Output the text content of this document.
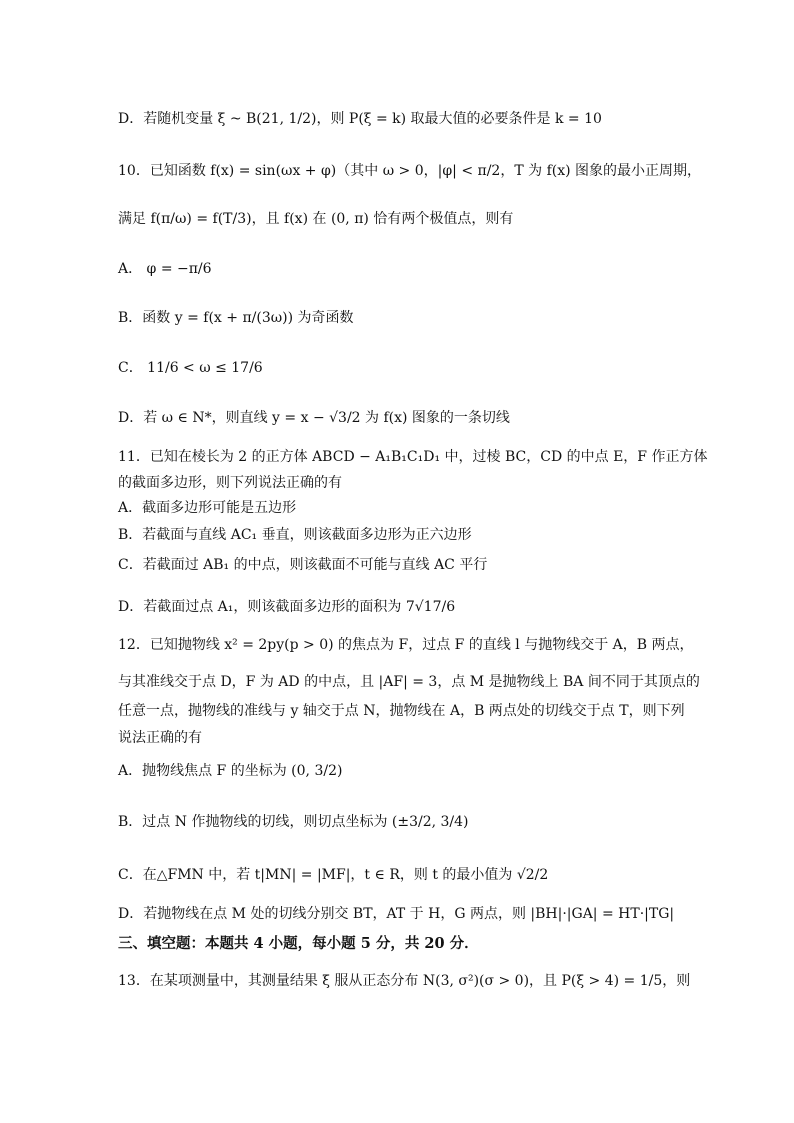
D．若随机变量 ξ ~ B(21, 1/2)，则 P(ξ = k) 取最大值的必要条件是 k = 10
10．已知函数 f(x) = sin(ωx + φ)（其中 ω > 0，|φ| < π/2，T 为 f(x) 图象的最小正周期，
满足 f(π/ω) = f(T/3)，且 f(x) 在 (0, π) 恰有两个极值点，则有
A． φ = −π/6
B．函数 y = f(x + π/(3ω)) 为奇函数
C． 11/6 < ω ≤ 17/6
D．若 ω ∈ N*，则直线 y = x − √3/2 为 f(x) 图象的一条切线
11．已知在棱长为 2 的正方体 ABCD − A₁B₁C₁D₁ 中，过棱 BC，CD 的中点 E，F 作正方体
的截面多边形，则下列说法正确的有
A．截面多边形可能是五边形
B．若截面与直线 AC₁ 垂直，则该截面多边形为正六边形
C．若截面过 AB₁ 的中点，则该截面不可能与直线 AC 平行
D．若截面过点 A₁，则该截面多边形的面积为 7√17/6
12．已知抛物线 x² = 2py(p > 0) 的焦点为 F，过点 F 的直线 l 与抛物线交于 A，B 两点，
与其准线交于点 D，F 为 AD 的中点，且 |AF| = 3，点 M 是抛物线上 BA 间不同于其顶点的
任意一点，抛物线的准线与 y 轴交于点 N，抛物线在 A，B 两点处的切线交于点 T，则下列
说法正确的有
A．抛物线焦点 F 的坐标为 (0, 3/2)
B．过点 N 作抛物线的切线，则切点坐标为 (±3/2, 3/4)
C．在△FMN 中，若 t|MN| = |MF|，t ∈ R，则 t 的最小值为 √2/2
D．若抛物线在点 M 处的切线分别交 BT，AT 于 H，G 两点，则 |BH|·|GA| = HT·|TG|
三、填空题：本题共 4 小题，每小题 5 分，共 20 分．
13．在某项测量中，其测量结果 ξ 服从正态分布 N(3, σ²)(σ > 0)，且 P(ξ > 4) = 1/5，则
